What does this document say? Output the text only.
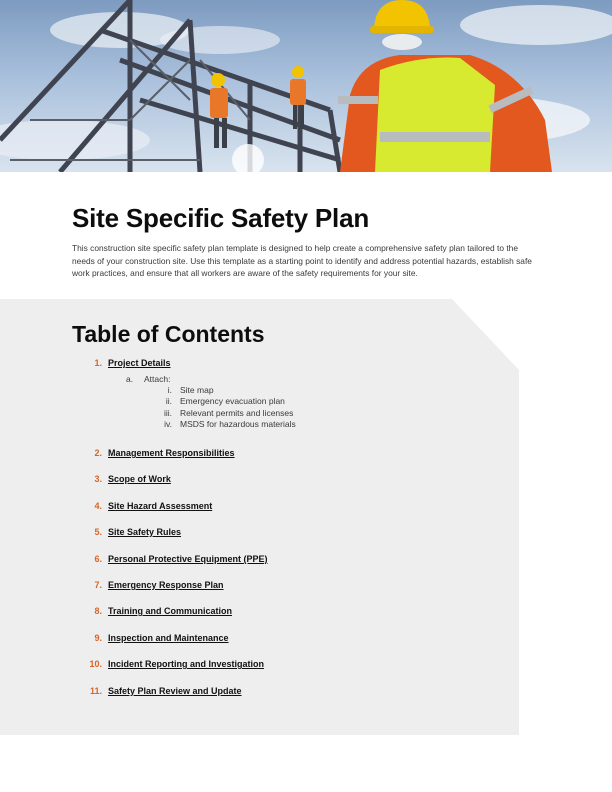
Site Specific Safety Plan

This construction site specific safety plan template is designed to help create a comprehensive safety plan tailored to the needs of your construction site. Use this template as a starting point to identify and address potential hazards, establish safe work practices, and ensure that all workers are aware of the safety requirements for your site.

Table of Contents
1. Project Details
a. Attach:
i. Site map
ii. Emergency evacuation plan
iii. Relevant permits and licenses
iv. MSDS for hazardous materials
2. Management Responsibilities
3. Scope of Work
4. Site Hazard Assessment
5. Site Safety Rules
6. Personal Protective Equipment (PPE)
7. Emergency Response Plan
8. Training and Communication
9. Inspection and Maintenance
10. Incident Reporting and Investigation
11. Safety Plan Review and Update
